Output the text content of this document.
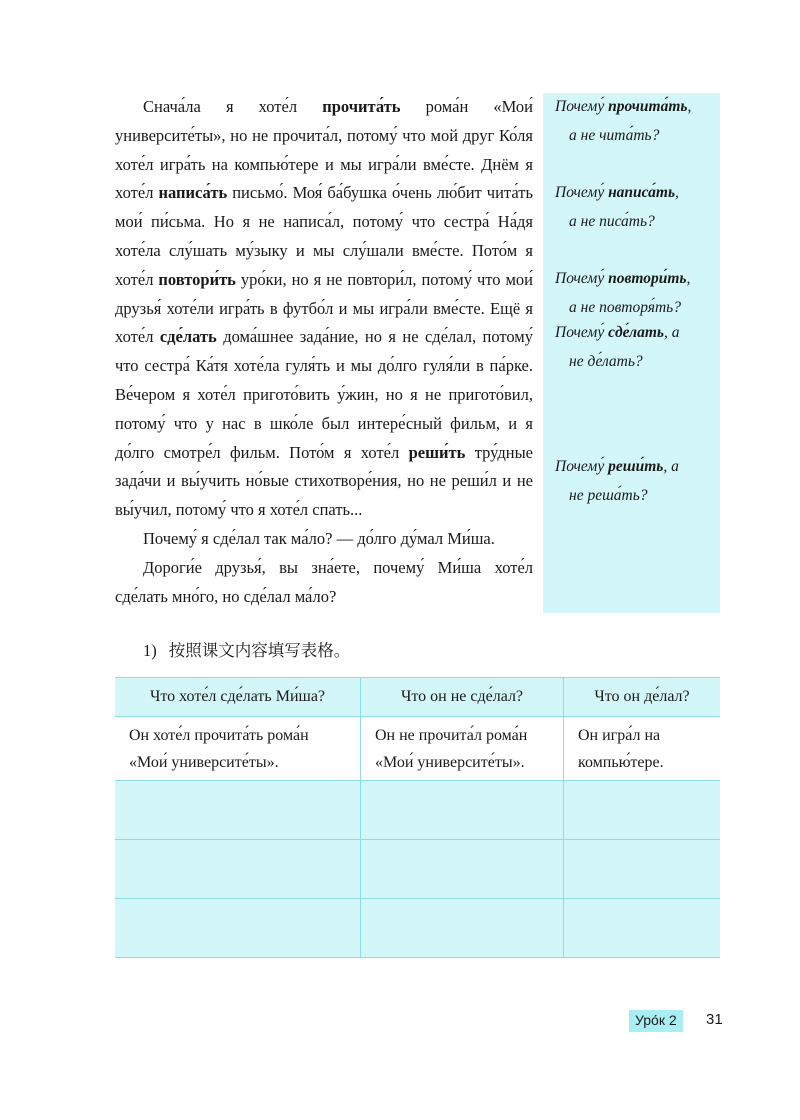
Снача́ла я хоте́л прочита́ть рома́н «Мои́ университе́ты», но не прочита́л, потому́ что мой друг Ко́ля хоте́л игра́ть на компью́тере и мы игра́ли вме́сте. Днём я хоте́л написа́ть письмо́. Моя́ ба́бушка о́чень лю́бит чита́ть мои́ пи́сьма. Но я не написа́л, потому́ что сестра́ На́дя хоте́ла слу́шать му́зыку и мы слу́шали вме́сте. Пото́м я хоте́л повтори́ть уро́ки, но я не повтори́л, потому́ что мои́ друзья́ хоте́ли игра́ть в футбо́л и мы игра́ли вме́сте. Ещё я хоте́л сде́лать дома́шнее зада́ние, но я не сде́лал, потому́ что сестра́ Ка́тя хоте́ла гуля́ть и мы до́лго гуля́ли в па́рке. Ве́чером я хоте́л пригото́вить у́жин, но я не пригото́вил, потому́ что у нас в шко́ле был интере́сный фильм, и я до́лго смотре́л фильм. Пото́м я хоте́л реши́ть тру́дные зада́чи и вы́учить но́вые стихотворе́ния, но не реши́л и не вы́учил, потому́ что я хоте́л спать...

Почему́ я сде́лал так ма́ло? — до́лго ду́мал Ми́ша.

Дороги́е друзья́, вы зна́ете, почему́ Ми́ша хоте́л сде́лать мно́го, но сде́лал ма́ло?

Почему́ прочита́ть,
а не чита́ть?
Почему́ написа́ть,
а не писа́ть?
Почему́ повтори́ть,
а не повторя́ть?
Почему́ сде́лать, а
не де́лать?
Почему́ реши́ть, а
не реша́ть?
1) 按照课文内容填写表格。
Что хоте́л сде́лать Ми́ша?	Что он не сде́лал?	Что он де́лал?
Он хоте́л прочита́ть рома́н «Мои́ университе́ты».	Он не прочита́л рома́н «Мои́ университе́ты».	Он игра́л на компью́тере.

Уро́к 2	31
